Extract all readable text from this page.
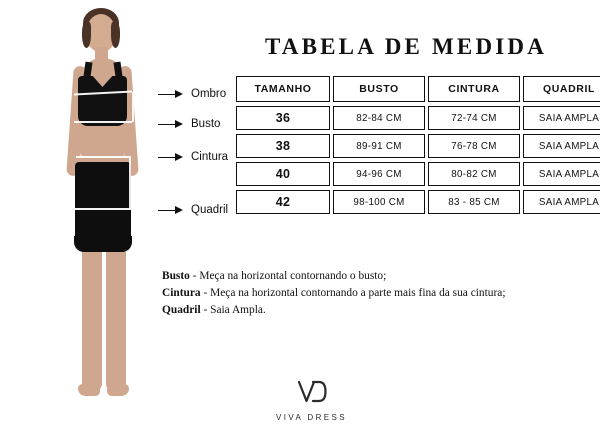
Ombro
Busto
Cintura
Quadril
TABELA DE MEDIDA
TAMANHO	BUSTO	CINTURA	QUADRIL
36	82-84 CM	72-74 CM	SAIA AMPLA
38	89-91 CM	76-78 CM	SAIA AMPLA
40	94-96 CM	80-82 CM	SAIA AMPLA
42	98-100 CM	83 - 85 CM	SAIA AMPLA
Busto - Meça na horizontal contornando o busto;
Cintura - Meça na horizontal contornando a parte mais fina da sua cintura;
Quadril - Saia Ampla.
VIVA DRESS
